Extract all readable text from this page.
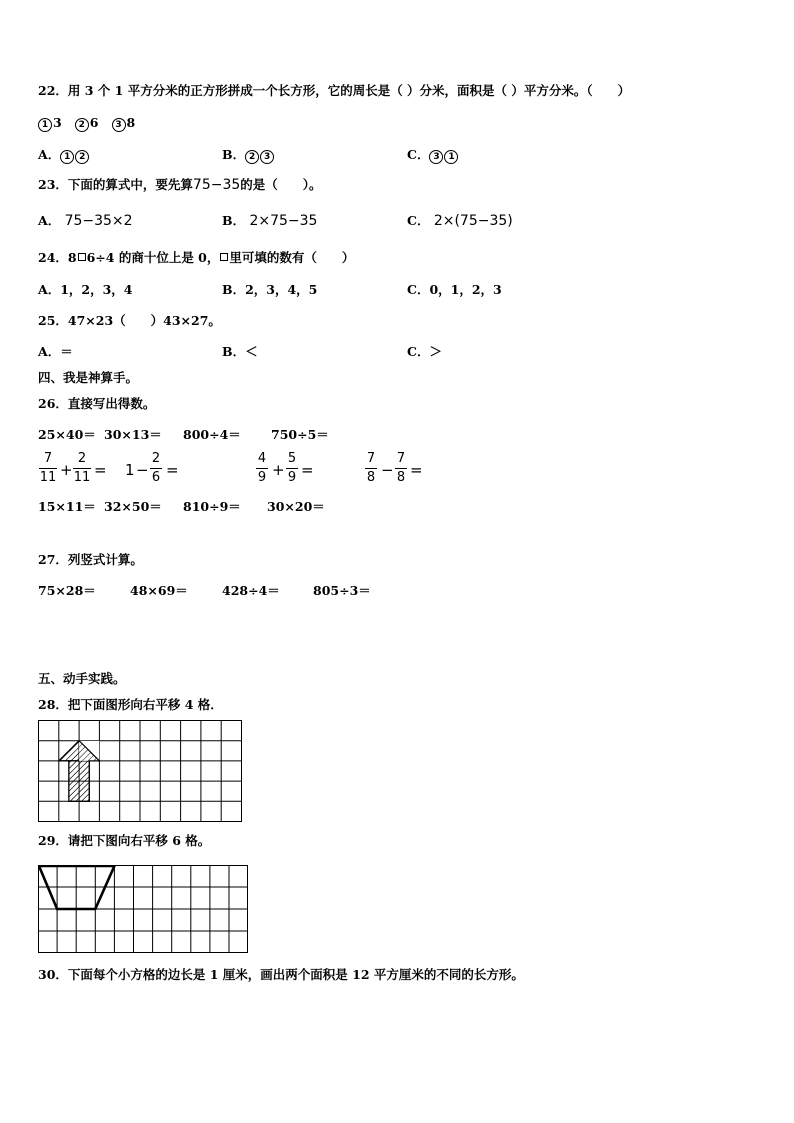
22．用 3 个 1 平方分米的正方形拼成一个长方形，它的周长是（ ）分米，面积是（ ）平方分米。（　　）
1 3 2 6 3 8
A． 1 2	B． 2 3	C． 3 1
23．下面的算式中，要先算75−35的是（　　）。
A． 75−35×2	B． 2×75−35	C． 2×(75−35)
24．8 6÷4 的商十位上是 0， 里可填的数有（　　）
A．1，2，3，4	B．2，3，4，5	C．0，1，2，3
25．47×23（　　）43×27。
A．＝	B．＜	C．＞
四、我是神算手。
26．直接写出得数。
25×40＝ 30×13＝ 800÷4＝ 750÷5＝
7
11 +
2
11 = 1 −
2
6 =
4
9 +
5
9 =
7
8 −
7
8 =
15×11＝ 32×50＝ 810÷9＝ 30×20＝
27．列竖式计算。
75×28＝	48×69＝	428÷4＝	805÷3＝
五、动手实践。
28．把下面图形向右平移 4 格．
29．请把下图向右平移 6 格。
30．下面每个小方格的边长是 1 厘米，画出两个面积是 12 平方厘米的不同的长方形。
